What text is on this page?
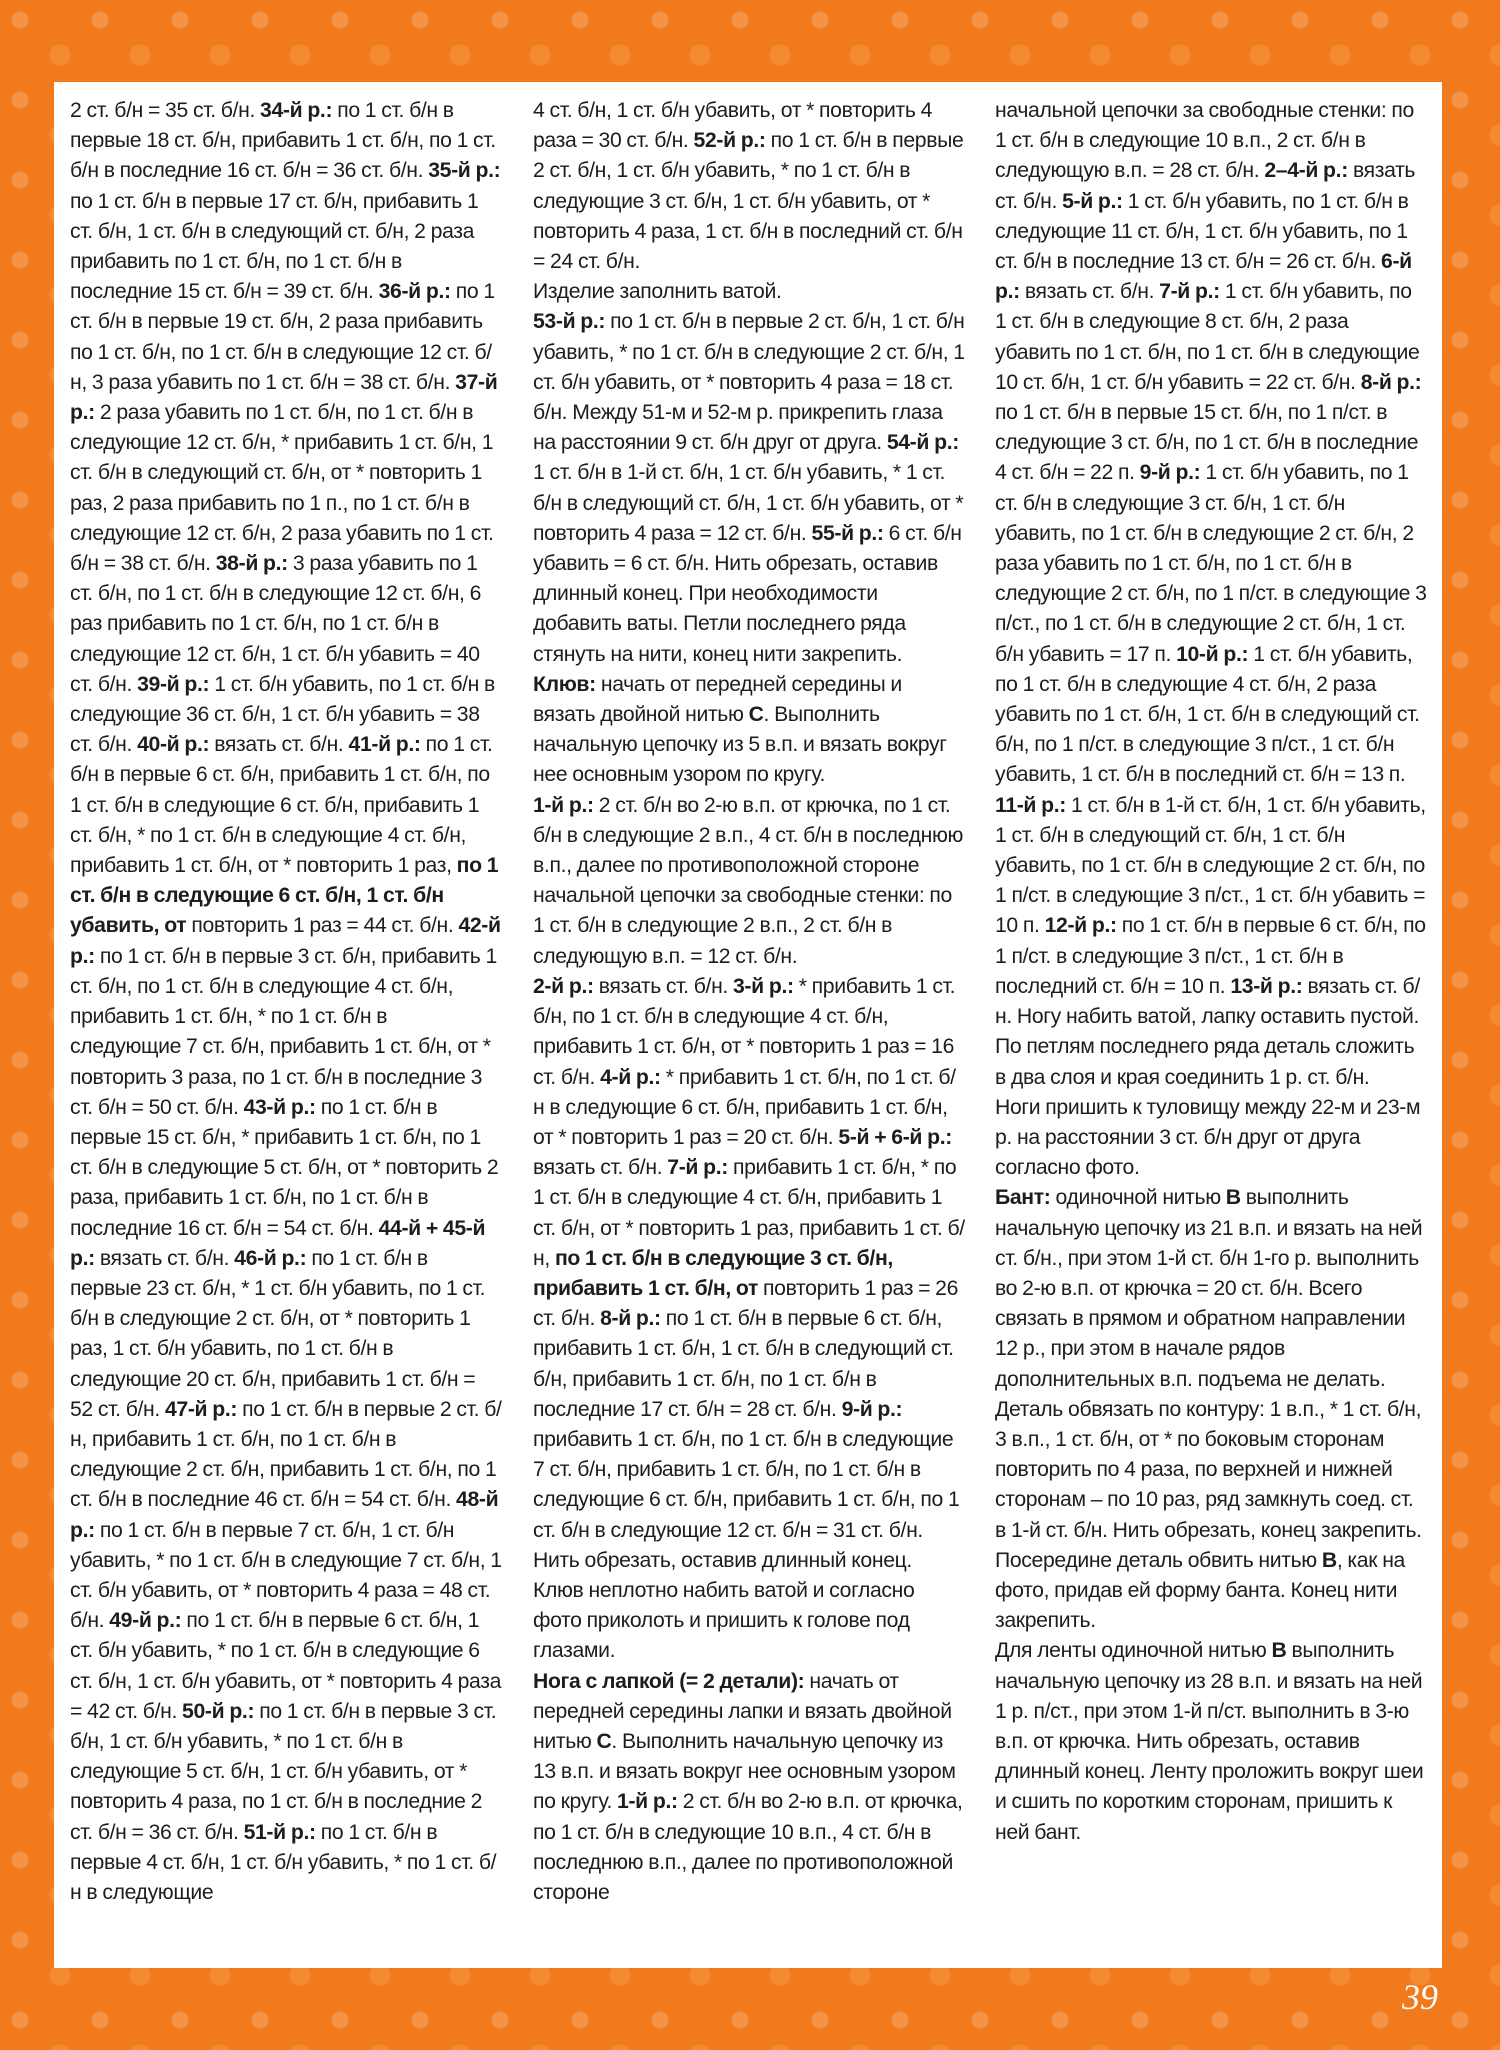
2 ст. б/н = 35 ст. б/н. 34-й р.: по 1 ст. б/н в первые 18 ст. б/н, прибавить 1 ст. б/н, по 1 ст. б/н в последние 16 ст. б/н = 36 ст. б/н. 35-й р.: по 1 ст. б/н в первые 17 ст. б/н, прибавить 1 ст. б/н, 1 ст. б/н в следующий ст. б/н, 2 раза прибавить по 1 ст. б/н, по 1 ст. б/н в последние 15 ст. б/н = 39 ст. б/н. 36-й р.: по 1 ст. б/н в первые 19 ст. б/н, 2 раза прибавить по 1 ст. б/н, по 1 ст. б/н в следующие 12 ст. б/н, 3 раза убавить по 1 ст. б/н = 38 ст. б/н. 37-й р.: 2 раза убавить по 1 ст. б/н, по 1 ст. б/н в следующие 12 ст. б/н, * прибавить 1 ст. б/н, 1 ст. б/н в следующий ст. б/н, от * повторить 1 раз, 2 раза прибавить по 1 п., по 1 ст. б/н в следующие 12 ст. б/н, 2 раза убавить по 1 ст. б/н = 38 ст. б/н. 38-й р.: 3 раза убавить по 1 ст. б/н, по 1 ст. б/н в следующие 12 ст. б/н, 6 раз прибавить по 1 ст. б/н, по 1 ст. б/н в следующие 12 ст. б/н, 1 ст. б/н убавить = 40 ст. б/н. 39-й р.: 1 ст. б/н убавить, по 1 ст. б/н в следующие 36 ст. б/н, 1 ст. б/н убавить = 38 ст. б/н. 40-й р.: вязать ст. б/н. 41-й р.: по 1 ст. б/н в первые 6 ст. б/н, прибавить 1 ст. б/н, по 1 ст. б/н в следующие 6 ст. б/н, прибавить 1 ст. б/н, * по 1 ст. б/н в следующие 4 ст. б/н, прибавить 1 ст. б/н, от * повторить 1 раз, по 1 ст. б/н в следующие 6 ст. б/н, 1 ст. б/н убавить, от повторить 1 раз = 44 ст. б/н. 42-й р.: по 1 ст. б/н в первые 3 ст. б/н, прибавить 1 ст. б/н, по 1 ст. б/н в следующие 4 ст. б/н, прибавить 1 ст. б/н, * по 1 ст. б/н в следующие 7 ст. б/н, прибавить 1 ст. б/н, от * повторить 3 раза, по 1 ст. б/н в последние 3 ст. б/н = 50 ст. б/н. 43-й р.: по 1 ст. б/н в первые 15 ст. б/н, * прибавить 1 ст. б/н, по 1 ст. б/н в следующие 5 ст. б/н, от * повторить 2 раза, прибавить 1 ст. б/н, по 1 ст. б/н в последние 16 ст. б/н = 54 ст. б/н. 44-й + 45-й р.: вязать ст. б/н. 46-й р.: по 1 ст. б/н в первые 23 ст. б/н, * 1 ст. б/н убавить, по 1 ст. б/н в следующие 2 ст. б/н, от * повторить 1 раз, 1 ст. б/н убавить, по 1 ст. б/н в следующие 20 ст. б/н, прибавить 1 ст. б/н = 52 ст. б/н. 47-й р.: по 1 ст. б/н в первые 2 ст. б/н, прибавить 1 ст. б/н, по 1 ст. б/н в следующие 2 ст. б/н, прибавить 1 ст. б/н, по 1 ст. б/н в последние 46 ст. б/н = 54 ст. б/н. 48-й р.: по 1 ст. б/н в первые 7 ст. б/н, 1 ст. б/н убавить, * по 1 ст. б/н в следующие 7 ст. б/н, 1 ст. б/н убавить, от * повторить 4 раза = 48 ст. б/н. 49-й р.: по 1 ст. б/н в первые 6 ст. б/н, 1 ст. б/н убавить, * по 1 ст. б/н в следующие 6 ст. б/н, 1 ст. б/н убавить, от * повторить 4 раза = 42 ст. б/н. 50-й р.: по 1 ст. б/н в первые 3 ст. б/н, 1 ст. б/н убавить, * по 1 ст. б/н в следующие 5 ст. б/н, 1 ст. б/н убавить, от * повторить 4 раза, по 1 ст. б/н в последние 2 ст. б/н = 36 ст. б/н. 51-й р.: по 1 ст. б/н в первые 4 ст. б/н, 1 ст. б/н убавить, * по 1 ст. б/н в следующие

4 ст. б/н, 1 ст. б/н убавить, от * повторить 4 раза = 30 ст. б/н. 52-й р.: по 1 ст. б/н в первые 2 ст. б/н, 1 ст. б/н убавить, * по 1 ст. б/н в следующие 3 ст. б/н, 1 ст. б/н убавить, от * повторить 4 раза, 1 ст. б/н в последний ст. б/н = 24 ст. б/н.

Изделие заполнить ватой.

53-й р.: по 1 ст. б/н в первые 2 ст. б/н, 1 ст. б/н убавить, * по 1 ст. б/н в следующие 2 ст. б/н, 1 ст. б/н убавить, от * повторить 4 раза = 18 ст. б/н. Между 51-м и 52-м р. прикрепить глаза на расстоянии 9 ст. б/н друг от друга. 54-й р.: 1 ст. б/н в 1-й ст. б/н, 1 ст. б/н убавить, * 1 ст. б/н в следующий ст. б/н, 1 ст. б/н убавить, от * повторить 4 раза = 12 ст. б/н. 55-й р.: 6 ст. б/н убавить = 6 ст. б/н. Нить обрезать, оставив длинный конец. При необходимости добавить ваты. Петли последнего ряда стянуть на нити, конец нити закрепить.

Клюв: начать от передней середины и вязать двойной нитью С. Выполнить начальную цепочку из 5 в.п. и вязать вокруг нее основным узором по кругу.

1-й р.: 2 ст. б/н во 2-ю в.п. от крючка, по 1 ст. б/н в следующие 2 в.п., 4 ст. б/н в последнюю в.п., далее по противоположной стороне начальной цепочки за свободные стенки: по 1 ст. б/н в следующие 2 в.п., 2 ст. б/н в следующую в.п. = 12 ст. б/н.

2-й р.: вязать ст. б/н. 3-й р.: * прибавить 1 ст. б/н, по 1 ст. б/н в следующие 4 ст. б/н, прибавить 1 ст. б/н, от * повторить 1 раз = 16 ст. б/н. 4-й р.: * прибавить 1 ст. б/н, по 1 ст. б/н в следующие 6 ст. б/н, прибавить 1 ст. б/н, от * повторить 1 раз = 20 ст. б/н. 5-й + 6-й р.: вязать ст. б/н. 7-й р.: прибавить 1 ст. б/н, * по 1 ст. б/н в следующие 4 ст. б/н, прибавить 1 ст. б/н, от * повторить 1 раз, прибавить 1 ст. б/н, по 1 ст. б/н в следующие 3 ст. б/н, прибавить 1 ст. б/н, от повторить 1 раз = 26 ст. б/н. 8-й р.: по 1 ст. б/н в первые 6 ст. б/н, прибавить 1 ст. б/н, 1 ст. б/н в следующий ст. б/н, прибавить 1 ст. б/н, по 1 ст. б/н в последние 17 ст. б/н = 28 ст. б/н. 9-й р.: прибавить 1 ст. б/н, по 1 ст. б/н в следующие 7 ст. б/н, прибавить 1 ст. б/н, по 1 ст. б/н в следующие 6 ст. б/н, прибавить 1 ст. б/н, по 1 ст. б/н в следующие 12 ст. б/н = 31 ст. б/н. Нить обрезать, оставив длинный конец. Клюв неплотно набить ватой и согласно фото приколоть и пришить к голове под глазами.

Нога с лапкой (= 2 детали): начать от передней середины лапки и вязать двойной нитью С. Выполнить начальную цепочку из 13 в.п. и вязать вокруг нее основным узором по кругу. 1-й р.: 2 ст. б/н во 2-ю в.п. от крючка, по 1 ст. б/н в следующие 10 в.п., 4 ст. б/н в последнюю в.п., далее по противоположной стороне

начальной цепочки за свободные стенки: по 1 ст. б/н в следующие 10 в.п., 2 ст. б/н в следующую в.п. = 28 ст. б/н. 2–4-й р.: вязать ст. б/н. 5-й р.: 1 ст. б/н убавить, по 1 ст. б/н в следующие 11 ст. б/н, 1 ст. б/н убавить, по 1 ст. б/н в последние 13 ст. б/н = 26 ст. б/н. 6-й р.: вязать ст. б/н. 7-й р.: 1 ст. б/н убавить, по 1 ст. б/н в следующие 8 ст. б/н, 2 раза убавить по 1 ст. б/н, по 1 ст. б/н в следующие 10 ст. б/н, 1 ст. б/н убавить = 22 ст. б/н. 8-й р.: по 1 ст. б/н в первые 15 ст. б/н, по 1 п/ст. в следующие 3 ст. б/н, по 1 ст. б/н в последние 4 ст. б/н = 22 п. 9-й р.: 1 ст. б/н убавить, по 1 ст. б/н в следующие 3 ст. б/н, 1 ст. б/н убавить, по 1 ст. б/н в следующие 2 ст. б/н, 2 раза убавить по 1 ст. б/н, по 1 ст. б/н в следующие 2 ст. б/н, по 1 п/ст. в следующие 3 п/ст., по 1 ст. б/н в следующие 2 ст. б/н, 1 ст. б/н убавить = 17 п. 10-й р.: 1 ст. б/н убавить, по 1 ст. б/н в следующие 4 ст. б/н, 2 раза убавить по 1 ст. б/н, 1 ст. б/н в следующий ст. б/н, по 1 п/ст. в следующие 3 п/ст., 1 ст. б/н убавить, 1 ст. б/н в последний ст. б/н = 13 п. 11-й р.: 1 ст. б/н в 1-й ст. б/н, 1 ст. б/н убавить, 1 ст. б/н в следующий ст. б/н, 1 ст. б/н убавить, по 1 ст. б/н в следующие 2 ст. б/н, по 1 п/ст. в следующие 3 п/ст., 1 ст. б/н убавить = 10 п. 12-й р.: по 1 ст. б/н в первые 6 ст. б/н, по 1 п/ст. в следующие 3 п/ст., 1 ст. б/н в последний ст. б/н = 10 п. 13-й р.: вязать ст. б/н. Ногу набить ватой, лапку оставить пустой. По петлям последнего ряда деталь сложить в два слоя и края соединить 1 р. ст. б/н.

Ноги пришить к туловищу между 22-м и 23-м р. на расстоянии 3 ст. б/н друг от друга согласно фото.

Бант: одиночной нитью В выполнить начальную цепочку из 21 в.п. и вязать на ней ст. б/н., при этом 1-й ст. б/н 1-го р. выполнить во 2-ю в.п. от крючка = 20 ст. б/н. Всего связать в прямом и обратном направлении 12 р., при этом в начале рядов дополнительных в.п. подъема не делать. Деталь обвязать по контуру: 1 в.п., * 1 ст. б/н, 3 в.п., 1 ст. б/н, от * по боковым сторонам повторить по 4 раза, по верхней и нижней сторонам – по 10 раз, ряд замкнуть соед. ст. в 1-й ст. б/н. Нить обрезать, конец закрепить. Посередине деталь обвить нитью В, как на фото, придав ей форму банта. Конец нити закрепить.

Для ленты одиночной нитью В выполнить начальную цепочку из 28 в.п. и вязать на ней 1 р. п/ст., при этом 1-й п/ст. выполнить в 3-ю в.п. от крючка. Нить обрезать, оставив длинный конец. Ленту проложить вокруг шеи и сшить по коротким сторонам, пришить к ней бант.

39
